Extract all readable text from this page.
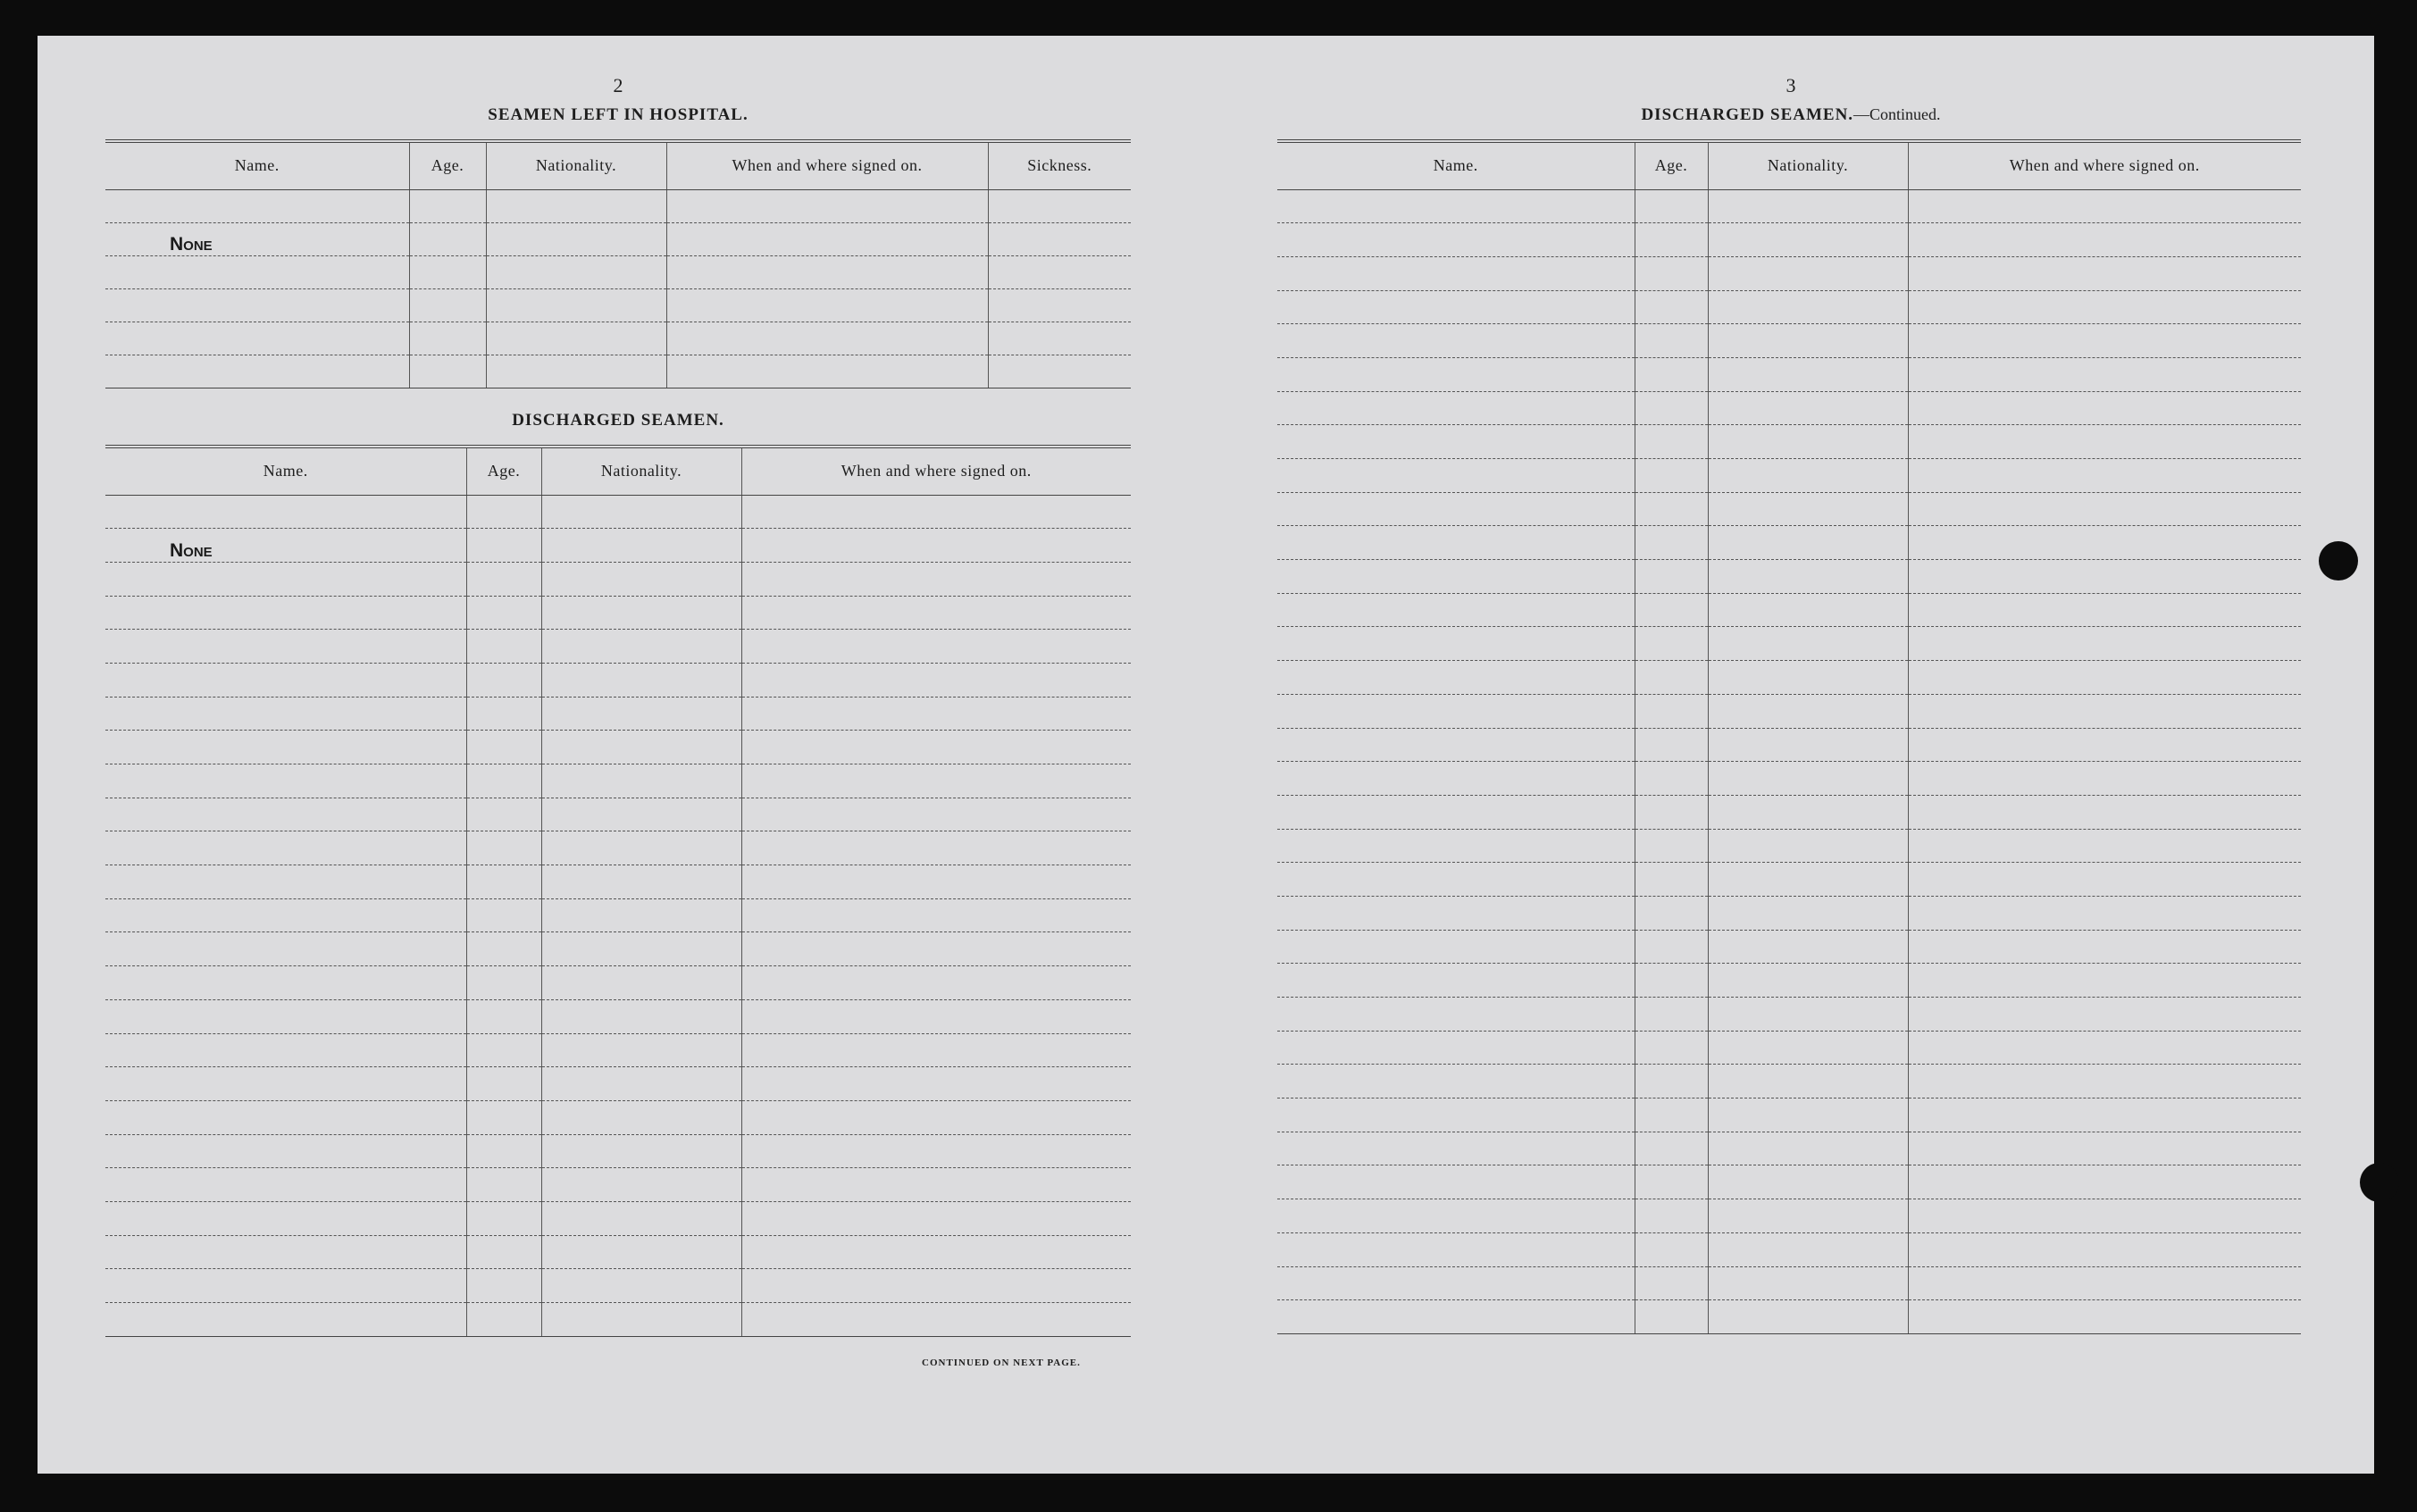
2
SEAMEN LEFT IN HOSPITAL.
Name.	Age.	Nationality.	When and where signed on.	Sickness.

None				

DISCHARGED SEAMEN.
Name.	Age.	Nationality.	When and where signed on.

None			

CONTINUED ON NEXT PAGE.
3
DISCHARGED SEAMEN.—Continued.
Name.	Age.	Nationality.	When and where signed on.
